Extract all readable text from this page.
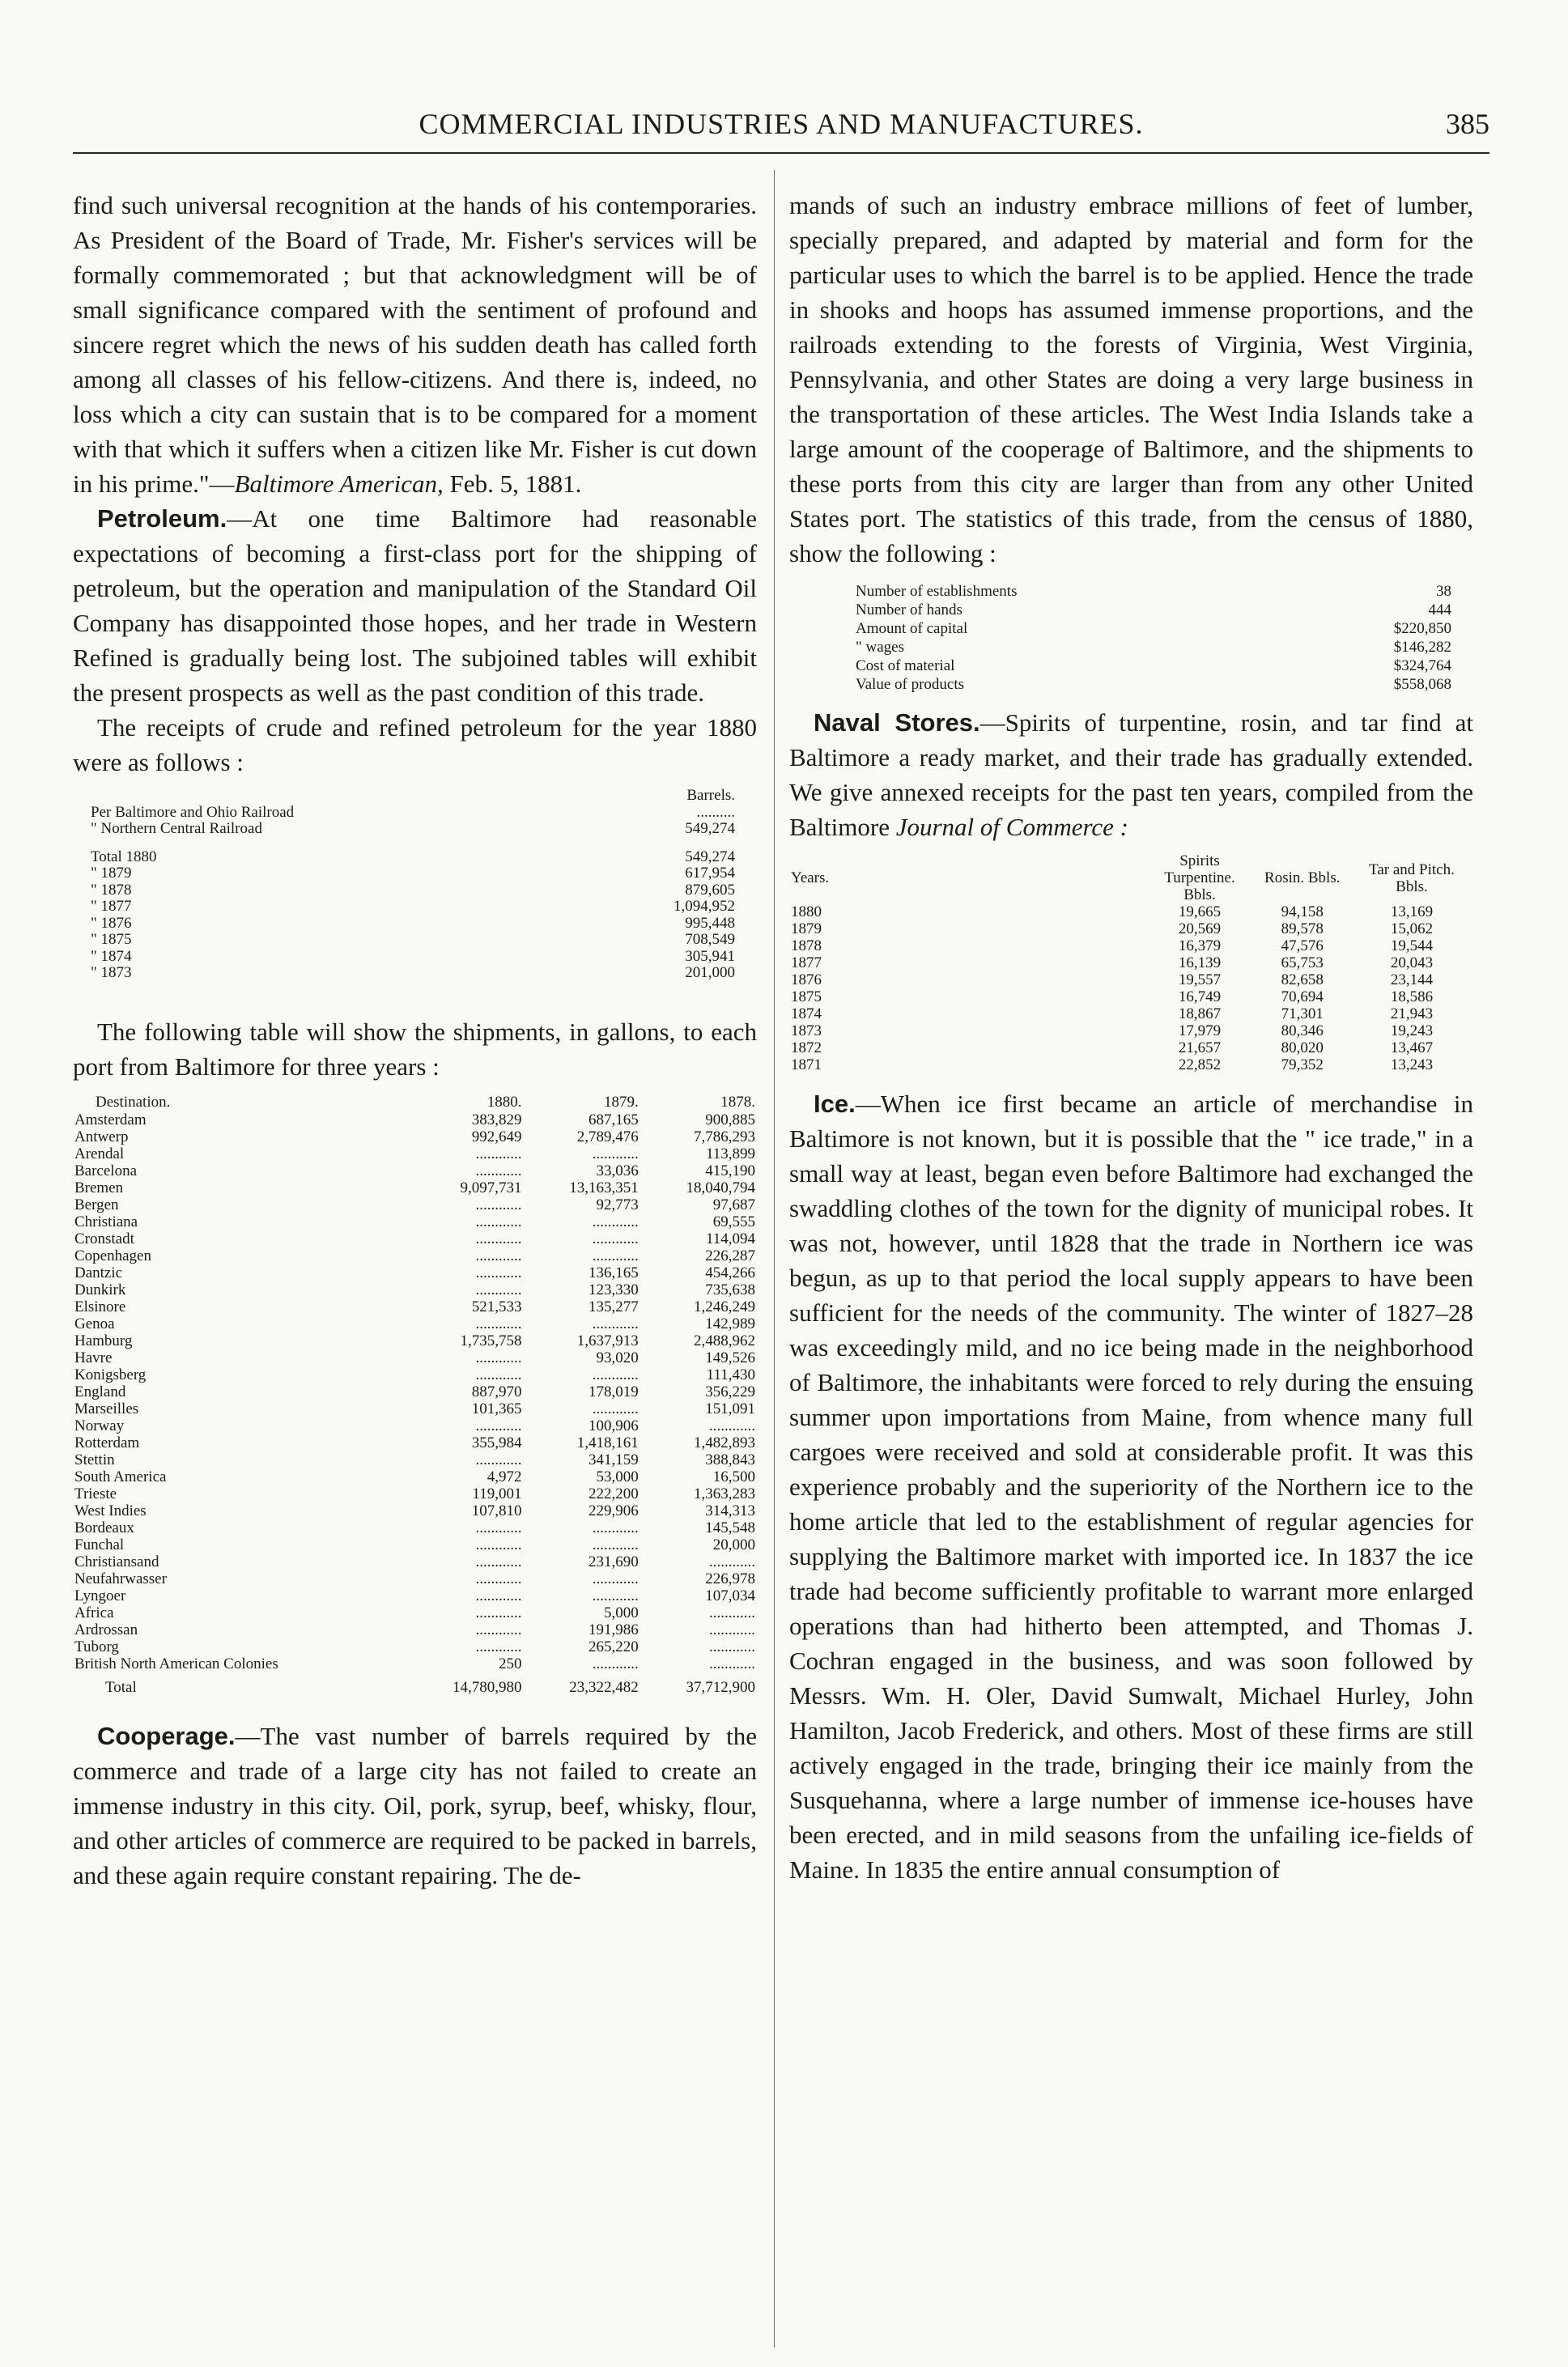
COMMERCIAL INDUSTRIES AND MANUFACTURES.	385

find such universal recognition at the hands of his contemporaries. As President of the Board of Trade, Mr. Fisher's services will be formally commemorated ; but that acknowledgment will be of small significance compared with the sentiment of profound and sincere regret which the news of his sudden death has called forth among all classes of his fellow-citizens. And there is, indeed, no loss which a city can sustain that is to be compared for a moment with that which it suffers when a citizen like Mr. Fisher is cut down in his prime."—Baltimore American, Feb. 5, 1881.

Petroleum.—At one time Baltimore had reasonable expectations of becoming a first-class port for the shipping of petroleum, but the operation and manipulation of the Standard Oil Company has disappointed those hopes, and her trade in Western Refined is gradually being lost. The subjoined tables will exhibit the present prospects as well as the past condition of this trade.

The receipts of crude and refined petroleum for the year 1880 were as follows :

	Barrels.
Per Baltimore and Ohio Railroad	..........
" Northern Central Railroad	549,274

Total 1880	549,274
" 1879	617,954
" 1878	879,605
" 1877	1,094,952
" 1876	995,448
" 1875	708,549
" 1874	305,941
" 1873	201,000

The following table will show the shipments, in gallons, to each port from Baltimore for three years :

Destination.	1880.	1879.	1878.
Amsterdam	383,829	687,165	900,885
Antwerp	992,649	2,789,476	7,786,293
Arendal	............	............	113,899
Barcelona	............	33,036	415,190
Bremen	9,097,731	13,163,351	18,040,794
Bergen	............	92,773	97,687
Christiana	............	............	69,555
Cronstadt	............	............	114,094
Copenhagen	............	............	226,287
Dantzic	............	136,165	454,266
Dunkirk	............	123,330	735,638
Elsinore	521,533	135,277	1,246,249
Genoa	............	............	142,989
Hamburg	1,735,758	1,637,913	2,488,962
Havre	............	93,020	149,526
Konigsberg	............	............	111,430
England	887,970	178,019	356,229
Marseilles	101,365	............	151,091
Norway	............	100,906	............
Rotterdam	355,984	1,418,161	1,482,893
Stettin	............	341,159	388,843
South America	4,972	53,000	16,500
Trieste	119,001	222,200	1,363,283
West Indies	107,810	229,906	314,313
Bordeaux	............	............	145,548
Funchal	............	............	20,000
Christiansand	............	231,690	............
Neufahrwasser	............	............	226,978
Lyngoer	............	............	107,034
Africa	............	5,000	............
Ardrossan	............	191,986	............
Tuborg	............	265,220	............
British North American Colonies	250	............	............
Total	14,780,980	23,322,482	37,712,900

Cooperage.—The vast number of barrels required by the commerce and trade of a large city has not failed to create an immense industry in this city. Oil, pork, syrup, beef, whisky, flour, and other articles of commerce are required to be packed in barrels, and these again require constant repairing. The de-

mands of such an industry embrace millions of feet of lumber, specially prepared, and adapted by material and form for the particular uses to which the barrel is to be applied. Hence the trade in shooks and hoops has assumed immense proportions, and the railroads extending to the forests of Virginia, West Virginia, Pennsylvania, and other States are doing a very large business in the transportation of these articles. The West India Islands take a large amount of the cooperage of Baltimore, and the shipments to these ports from this city are larger than from any other United States port. The statistics of this trade, from the census of 1880, show the following :

Number of establishments	38
Number of hands	444
Amount of capital	$220,850
" wages	$146,282
Cost of material	$324,764
Value of products	$558,068

Naval Stores.—Spirits of turpentine, rosin, and tar find at Baltimore a ready market, and their trade has gradually extended. We give annexed receipts for the past ten years, compiled from the Baltimore Journal of Commerce :

Years.	Spirits Turpentine. Bbls.	Rosin. Bbls.	Tar and Pitch. Bbls.
1880	19,665	94,158	13,169
1879	20,569	89,578	15,062
1878	16,379	47,576	19,544
1877	16,139	65,753	20,043
1876	19,557	82,658	23,144
1875	16,749	70,694	18,586
1874	18,867	71,301	21,943
1873	17,979	80,346	19,243
1872	21,657	80,020	13,467
1871	22,852	79,352	13,243

Ice.—When ice first became an article of merchandise in Baltimore is not known, but it is possible that the " ice trade," in a small way at least, began even before Baltimore had exchanged the swaddling clothes of the town for the dignity of municipal robes. It was not, however, until 1828 that the trade in Northern ice was begun, as up to that period the local supply appears to have been sufficient for the needs of the community. The winter of 1827–28 was exceedingly mild, and no ice being made in the neighborhood of Baltimore, the inhabitants were forced to rely during the ensuing summer upon importations from Maine, from whence many full cargoes were received and sold at considerable profit. It was this experience probably and the superiority of the Northern ice to the home article that led to the establishment of regular agencies for supplying the Baltimore market with imported ice. In 1837 the ice trade had become sufficiently profitable to warrant more enlarged operations than had hitherto been attempted, and Thomas J. Cochran engaged in the business, and was soon followed by Messrs. Wm. H. Oler, David Sumwalt, Michael Hurley, John Hamilton, Jacob Frederick, and others. Most of these firms are still actively engaged in the trade, bringing their ice mainly from the Susquehanna, where a large number of immense ice-houses have been erected, and in mild seasons from the unfailing ice-fields of Maine. In 1835 the entire annual consumption of
